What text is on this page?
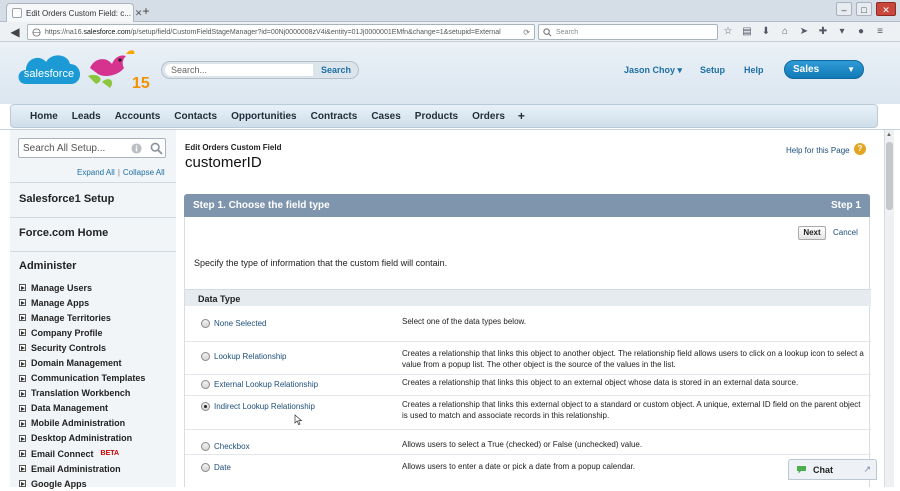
Edit Orders Custom Field: c... ✕ +	–	□	✕
◀	https://na16.salesforce.com/p/setup/field/CustomFieldStageManager?id=00Nj0000008zV4i&entity=01Jj0000001EMfn&change=1&setupid=External	⟳	Search	☆ ▤ ⬇ ⌂ ➤ ✚	▾	●	≡
salesforce
15
Search...
Search	Jason Choy ▾ Setup Help	Sales	▼
Home	Leads	Accounts	Contacts	Opportunities	Contracts	Cases	Products	Orders	+
Search All Setup...
Expand All | Collapse All
Salesforce1 Setup
Force.com Home
Administer
Manage Users
Manage Apps
Manage Territories
Company Profile
Security Controls
Domain Management
Communication Templates
Translation Workbench
Data Management
Mobile Administration
Desktop Administration
Email Connect BETA
Email Administration
Google Apps
Edit Orders Custom Field
customerID
Help for this Page ?
Step 1. Choose the field type	Step 1
Next	Cancel
Specify the type of information that the custom field will contain.
Data Type
None Selected	Select one of the data types below.
Lookup Relationship	Creates a relationship that links this object to another object. The relationship field allows users to click on a lookup icon to select a value from a popup list. The other object is the source of the values in the list.
External Lookup Relationship	Creates a relationship that links this object to an external object whose data is stored in an external data source.
Indirect Lookup Relationship	Creates a relationship that links this external object to a standard or custom object. A unique, external ID field on the parent object is used to match and associate records in this relationship.
Checkbox	Allows users to select a True (checked) or False (unchecked) value.
Date	Allows users to enter a date or pick a date from a popup calendar.
▲
Chat	↗
